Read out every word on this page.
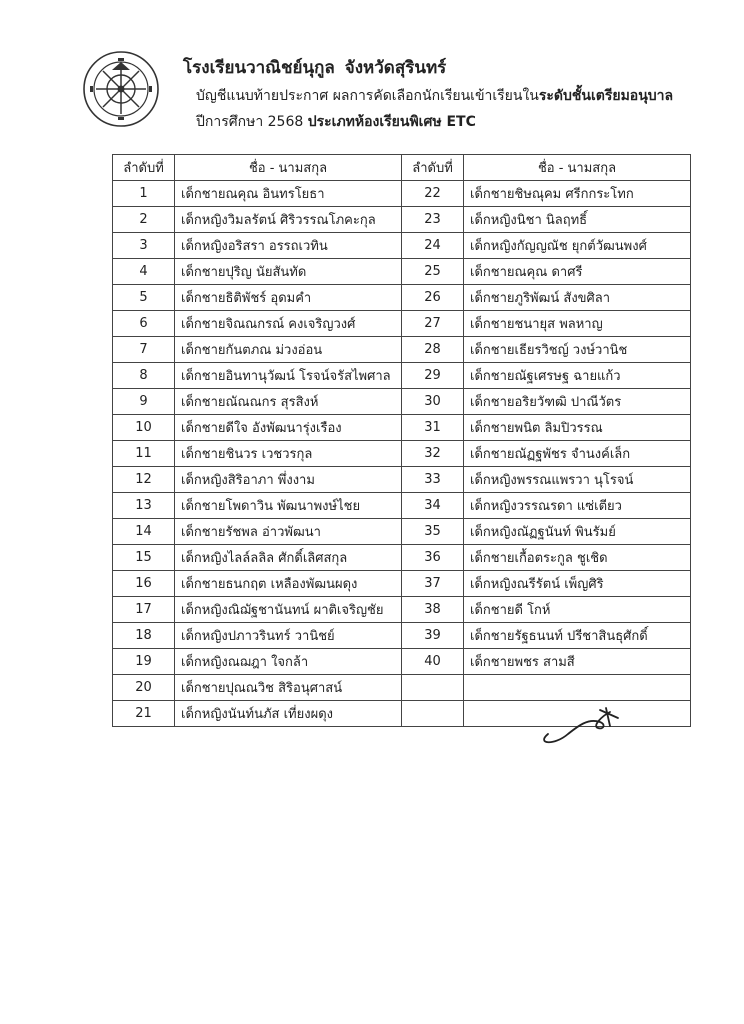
โรงเรียนวาณิชย์นุกูล จังหวัดสุรินทร์
บัญชีแนบท้ายประกาศ ผลการคัดเลือกนักเรียนเข้าเรียนในระดับชั้นเตรียมอนุบาล
ปีการศึกษา 2568 ประเภทห้องเรียนพิเศษ ETC
ลำดับที่	ชื่อ - นามสกุล	ลำดับที่	ชื่อ - นามสกุล
1	เด็กชายณคุณ อินทรโยธา	22	เด็กชายชิษณุคม ศรีกกระโทก
2	เด็กหญิงวิมลรัตน์ ศิริวรรณโภคะกุล	23	เด็กหญิงนิชา นิลฤทธิ์
3	เด็กหญิงอริสรา อรรถเวทิน	24	เด็กหญิงกัญญณัช ยุกต์วัฒนพงศ์
4	เด็กชายปุริญ นัยสันทัด	25	เด็กชายณคุณ ดาศรี
5	เด็กชายธิติพัชร์ อุดมคำ	26	เด็กชายภูริพัฒน์ สังขศิลา
6	เด็กชายจิณณกรณ์ คงเจริญวงศ์	27	เด็กชายชนายุส พลหาญ
7	เด็กชายกันตภณ ม่วงอ่อน	28	เด็กชายเธียรวิชญ์ วงษ์วานิช
8	เด็กชายอินทานุวัฒน์ โรจน์จรัสไพศาล	29	เด็กชายณัฐเศรษฐ ฉายแก้ว
9	เด็กชายณัณณกร สุรสิงห์	30	เด็กชายอริยวัฑฒิ ปาณีวัตร
10	เด็กชายดีใจ อังพัฒนารุ่งเรือง	31	เด็กชายพนิต ลิมปิวรรณ
11	เด็กชายชินวร เวชวรกุล	32	เด็กชายณัฏฐพัชร จำนงค์เล็ก
12	เด็กหญิงสิริอาภา พึ่งงาม	33	เด็กหญิงพรรณแพรวา นุโรจน์
13	เด็กชายโพดาวิน พัฒนาพงษ์ไชย	34	เด็กหญิงวรรณรดา แซ่เตียว
14	เด็กชายรัชพล อ่าวพัฒนา	35	เด็กหญิงณัฏฐนันท์ พินรัมย์
15	เด็กหญิงไลล์ลลิล ศักดิ์เลิศสกุล	36	เด็กชายเกื้อตระกูล ชูเชิด
16	เด็กชายธนกฤต เหลืองพัฒนผดุง	37	เด็กหญิงณรีรัตน์ เพ็ญศิริ
17	เด็กหญิงณิฌัฐชานันทน์ ผาติเจริญชัย	38	เด็กชายดี โกห์
18	เด็กหญิงปภาวรินทร์ วานิชย์	39	เด็กชายรัฐธนนท์ ปรีชาสินธุศักดิ์
19	เด็กหญิงณฌฎา ใจกล้า	40	เด็กชายพชร สามสี
20	เด็กชายปุณณวิช สิริอนุศาสน์		
21	เด็กหญิงนันท์นภัส เที่ยงผดุง		
